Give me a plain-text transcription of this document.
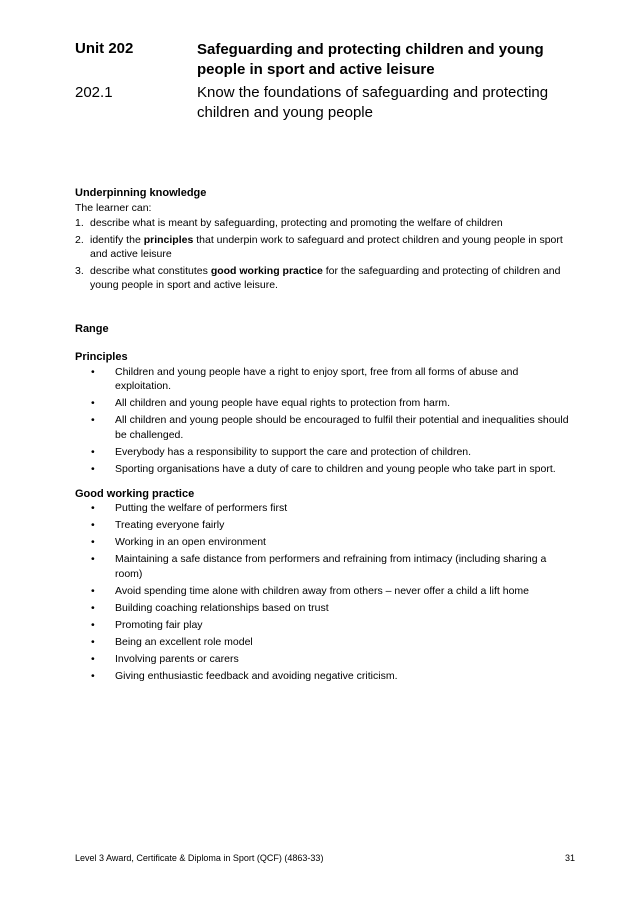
Unit 202	Safeguarding and protecting children and young people in sport and active leisure
202.1	Know the foundations of safeguarding and protecting children and young people
Underpinning knowledge
The learner can:
1. describe what is meant by safeguarding, protecting and promoting the welfare of children
2. identify the principles that underpin work to safeguard and protect children and young people in sport and active leisure
3. describe what constitutes good working practice for the safeguarding and protecting of children and young people in sport and active leisure.
Range
Principles
• Children and young people have a right to enjoy sport, free from all forms of abuse and exploitation.
• All children and young people have equal rights to protection from harm.
• All children and young people should be encouraged to fulfil their potential and inequalities should be challenged.
• Everybody has a responsibility to support the care and protection of children.
• Sporting organisations have a duty of care to children and young people who take part in sport.
Good working practice
• Putting the welfare of performers first
• Treating everyone fairly
• Working in an open environment
• Maintaining a safe distance from performers and refraining from intimacy (including sharing a room)
• Avoid spending time alone with children away from others – never offer a child a lift home
• Building coaching relationships based on trust
• Promoting fair play
• Being an excellent role model
• Involving parents or carers
• Giving enthusiastic feedback and avoiding negative criticism.
Level 3 Award, Certificate & Diploma in Sport (QCF) (4863-33)	31
